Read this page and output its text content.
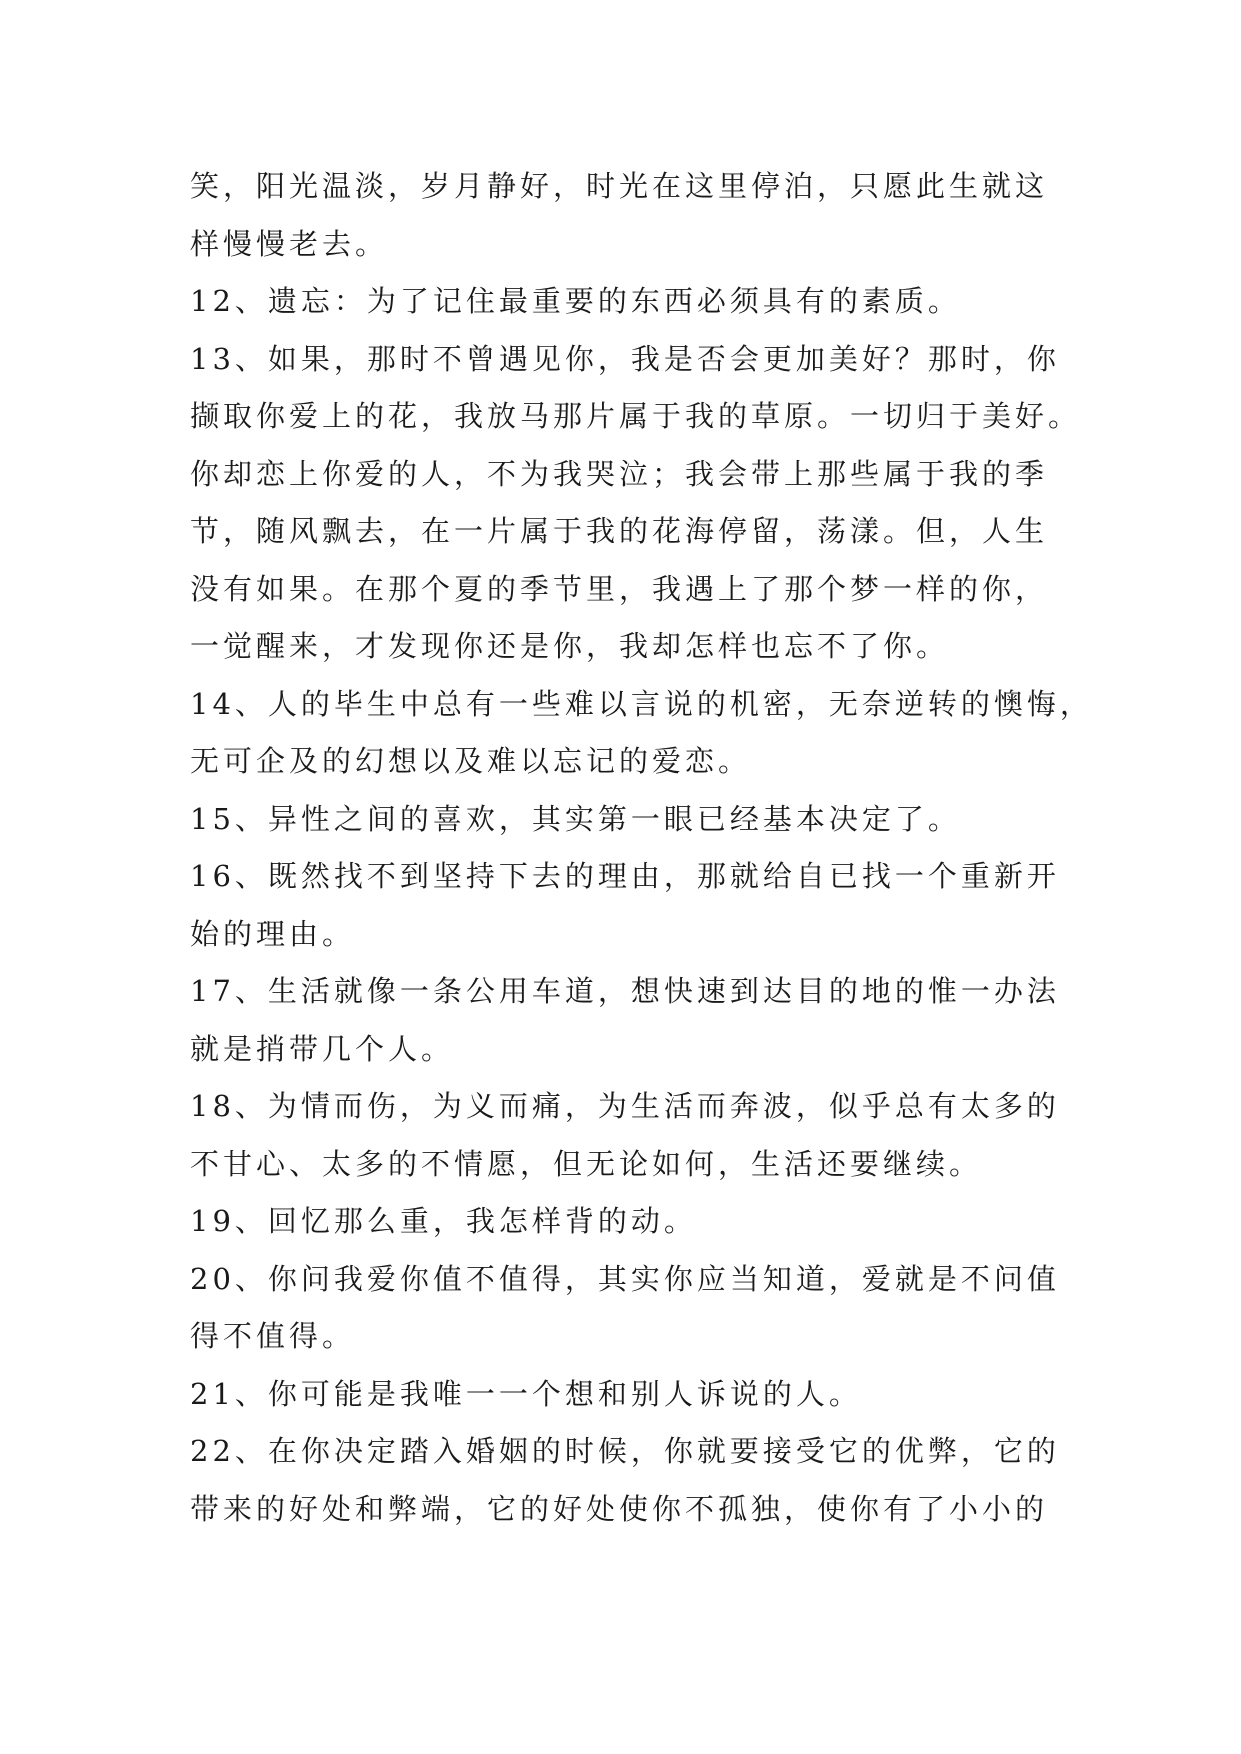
笑，阳光温淡，岁月静好，时光在这里停泊，只愿此生就这
样慢慢老去。
12、遗忘：为了记住最重要的东西必须具有的素质。
13、如果，那时不曾遇见你，我是否会更加美好？那时，你
撷取你爱上的花，我放马那片属于我的草原。一切归于美好。
你却恋上你爱的人，不为我哭泣；我会带上那些属于我的季
节，随风飘去，在一片属于我的花海停留，荡漾。但，人生
没有如果。在那个夏的季节里，我遇上了那个梦一样的你，
一觉醒来，才发现你还是你，我却怎样也忘不了你。
14、人的毕生中总有一些难以言说的机密，无奈逆转的懊悔，
无可企及的幻想以及难以忘记的爱恋。
15、异性之间的喜欢，其实第一眼已经基本决定了。
16、既然找不到坚持下去的理由，那就给自已找一个重新开
始的理由。
17、生活就像一条公用车道，想快速到达目的地的惟一办法
就是捎带几个人。
18、为情而伤，为义而痛，为生活而奔波，似乎总有太多的
不甘心、太多的不情愿，但无论如何，生活还要继续。
19、回忆那么重，我怎样背的动。
20、你问我爱你值不值得，其实你应当知道，爱就是不问值
得不值得。
21、你可能是我唯一一个想和别人诉说的人。
22、在你决定踏入婚姻的时候，你就要接受它的优弊，它的
带来的好处和弊端，它的好处使你不孤独，使你有了小小的
